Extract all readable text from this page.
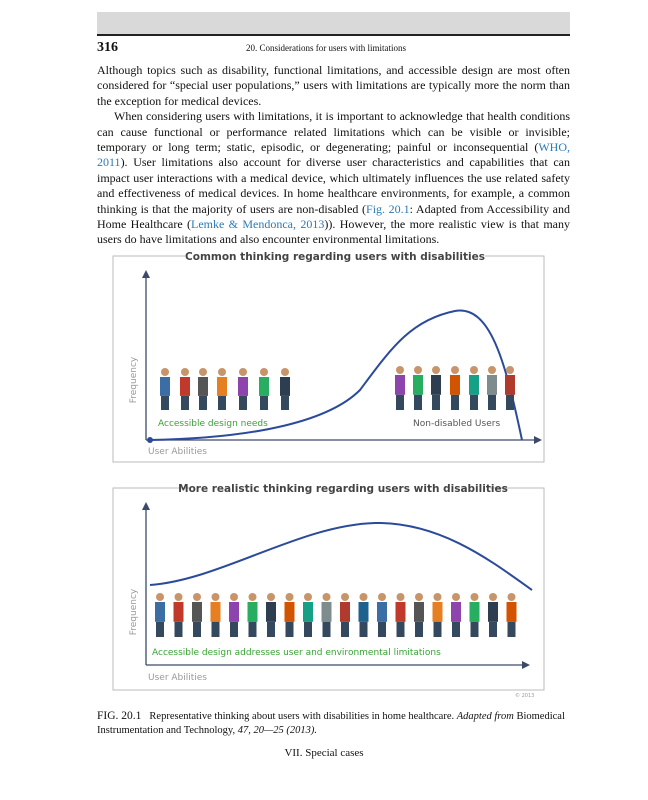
316	20. Considerations for users with limitations

Although topics such as disability, functional limitations, and accessible design are most often considered for “special user populations,” users with limitations are typically more the norm than the exception for medical devices.

When considering users with limitations, it is important to acknowledge that health conditions can cause functional or performance related limitations which can be visible or invisible; temporary or long term; static, episodic, or degenerating; painful or inconsequential (WHO, 2011). User limitations also account for diverse user characteristics and capabilities that can impact user interactions with a medical device, which ultimately influences the use related safety and effectiveness of medical devices. In home healthcare environments, for example, a common thinking is that the majority of users are non-disabled (Fig. 20.1: Adapted from Accessibility and Home Healthcare (Lemke & Mendonca, 2013)). However, the more realistic view is that many users do have limitations and also encounter environmental limitations.

Common thinking regarding users with disabilities
Frequency
User Abilities
Accessible design needs	Non-disabled Users
More realistic thinking regarding users with disabilities
Frequency
User Abilities
Accessible design addresses user and environmental limitations
© 2013
FIG. 20.1 Representative thinking about users with disabilities in home healthcare. Adapted from Biomedical Instrumentation and Technology, 47, 20—25 (2013).
VII. Special cases
